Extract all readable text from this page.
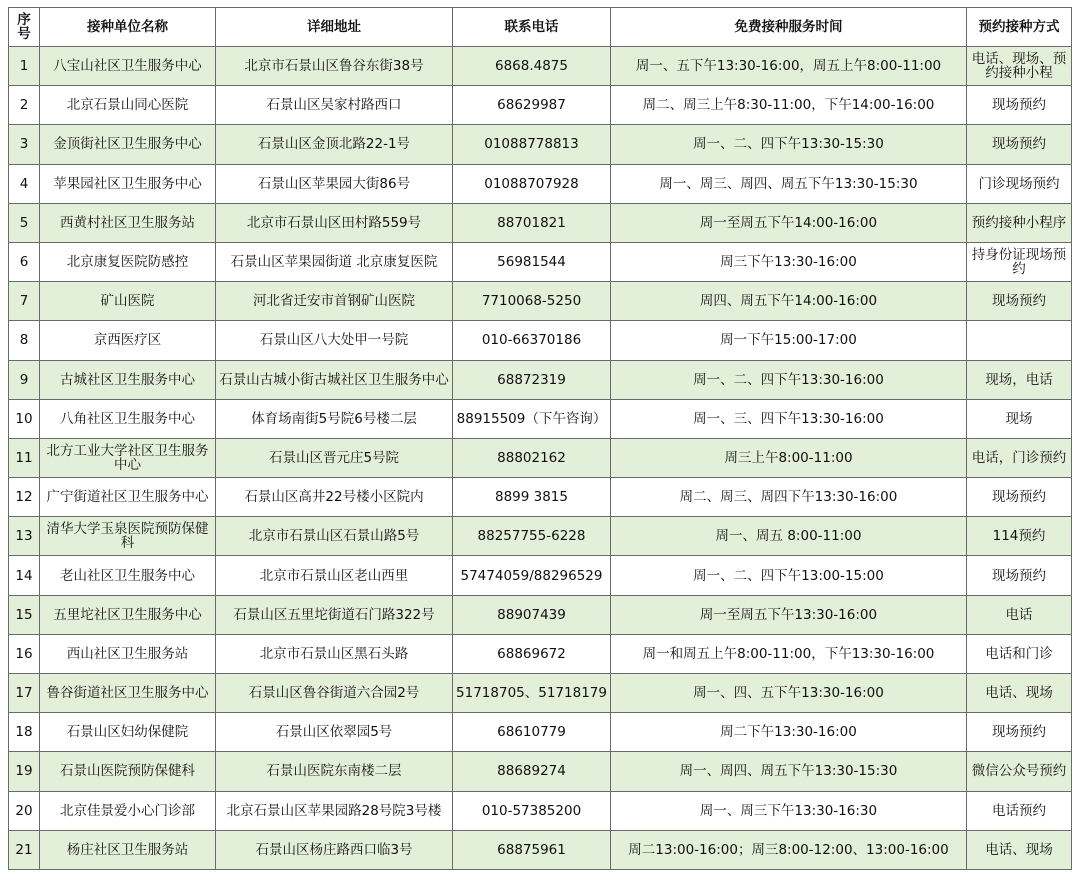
序号	接种单位名称	详细地址	联系电话	免费接种服务时间	预约接种方式
1	八宝山社区卫生服务中心	北京市石景山区鲁谷东街38号	6868.4875	周一、五下午13:30-16:00，周五上午8:00-11:00	电话、现场、预约接种小程
2	北京石景山同心医院	石景山区吴家村路西口	68629987	周二、周三上午8:30-11:00，下午14:00-16:00	现场预约
3	金顶街社区卫生服务中心	石景山区金顶北路22-1号	01088778813	周一、二、四下午13:30-15:30	现场预约
4	苹果园社区卫生服务中心	石景山区苹果园大街86号	01088707928	周一、周三、周四、周五下午13:30-15:30	门诊现场预约
5	西黄村社区卫生服务站	北京市石景山区田村路559号	88701821	周一至周五下午14:00-16:00	预约接种小程序
6	北京康复医院防感控	石景山区苹果园街道 北京康复医院	56981544	周三下午13:30-16:00	持身份证现场预约
7	矿山医院	河北省迁安市首钢矿山医院	7710068-5250	周四、周五下午14:00-16:00	现场预约
8	京西医疗区	石景山区八大处甲一号院	010-66370186	周一下午15:00-17:00	
9	古城社区卫生服务中心	石景山古城小街古城社区卫生服务中心	68872319	周一、二、四下午13:30-16:00	现场，电话
10	八角社区卫生服务中心	体育场南街5号院6号楼二层	88915509（下午咨询）	周一、三、四下午13:30-16:00	现场
11	北方工业大学社区卫生服务中心	石景山区晋元庄5号院	88802162	周三上午8:00-11:00	电话，门诊预约
12	广宁街道社区卫生服务中心	石景山区高井22号楼小区院内	8899 3815	周二、周三、周四下午13:30-16:00	现场预约
13	清华大学玉泉医院预防保健科	北京市石景山区石景山路5号	88257755-6228	周一、周五 8:00-11:00	114预约
14	老山社区卫生服务中心	北京市石景山区老山西里	57474059/88296529	周一、二、四下午13:00-15:00	现场预约
15	五里坨社区卫生服务中心	石景山区五里坨街道石门路322号	88907439	周一至周五下午13:30-16:00	电话
16	西山社区卫生服务站	北京市石景山区黑石头路	68869672	周一和周五上午8:00-11:00，下午13:30-16:00	电话和门诊
17	鲁谷街道社区卫生服务中心	石景山区鲁谷街道六合园2号	51718705、51718179	周一、四、五下午13:30-16:00	电话、现场
18	石景山区妇幼保健院	石景山区依翠园5号	68610779	周二下午13:30-16:00	现场预约
19	石景山医院预防保健科	石景山医院东南楼二层	88689274	周一、周四、周五下午13:30-15:30	微信公众号预约
20	北京佳景爱小心门诊部	北京石景山区苹果园路28号院3号楼	010-57385200	周一、周三下午13:30-16:30	电话预约
21	杨庄社区卫生服务站	石景山区杨庄路西口临3号	68875961	周二13:00-16:00；周三8:00-12:00、13:00-16:00	电话、现场
